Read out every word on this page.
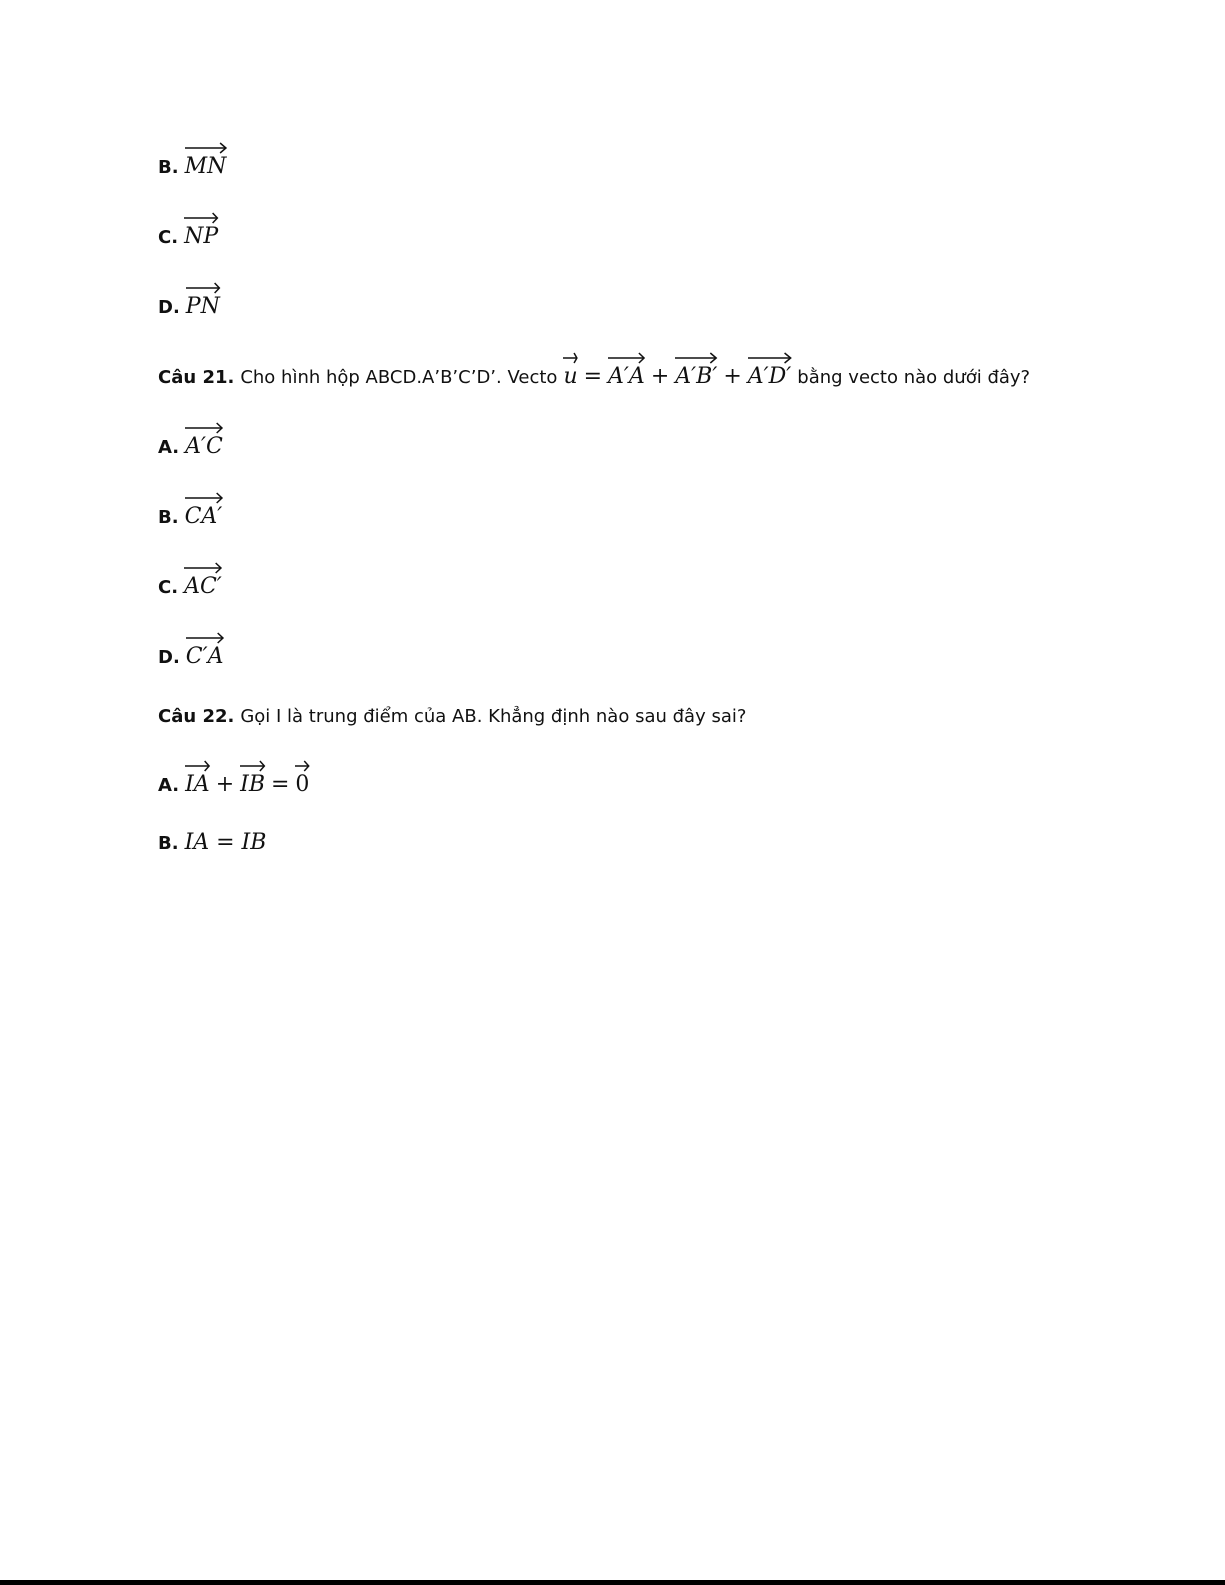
B. MN
C. NP
D. PN
Câu 21. Cho hình hộp ABCD.A’B’C’D’. Vecto u = A′A + A′B′ + A′D′ bằng vecto nào dưới đây?
A. A′C
B. CA′
C. AC′
D. C′A
Câu 22. Gọi I là trung điểm của AB. Khẳng định nào sau đây sai?
A. IA + IB = 0
B. IA = IB
